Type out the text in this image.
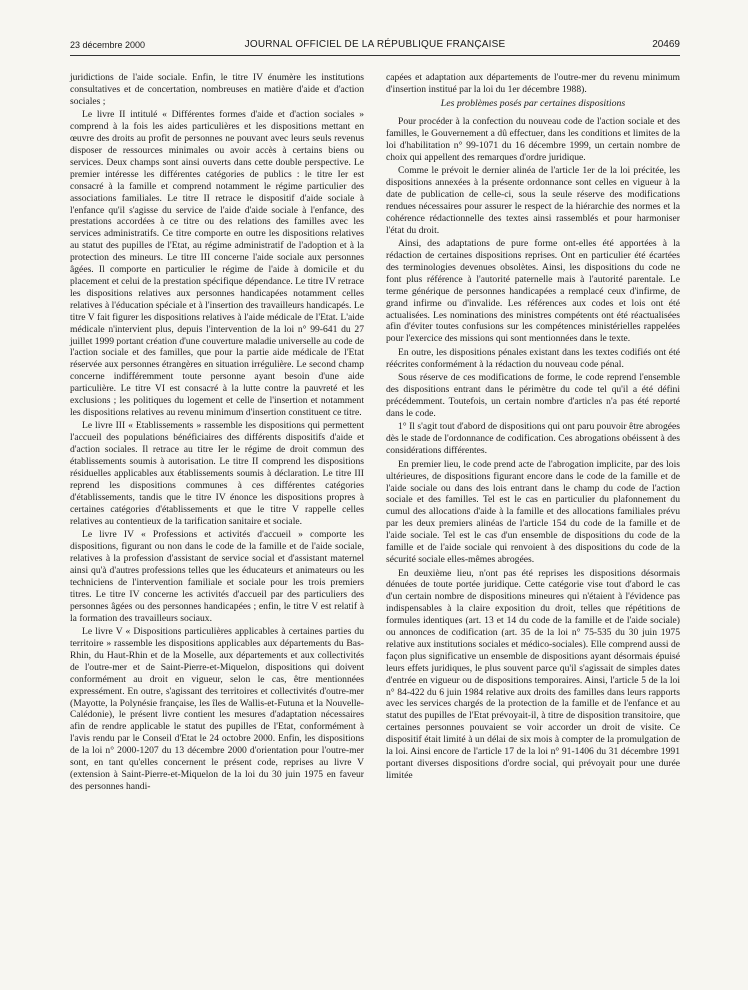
23 décembre 2000	JOURNAL OFFICIEL DE LA RÉPUBLIQUE FRANÇAISE	20469

juridictions de l'aide sociale. Enfin, le titre IV énumère les institutions consultatives et de concertation, nombreuses en matière d'aide et d'action sociales ;

Le livre II intitulé « Différentes formes d'aide et d'action sociales » comprend à la fois les aides particulières et les dispositions mettant en œuvre des droits au profit de personnes ne pouvant avec leurs seuls revenus disposer de ressources minimales ou avoir accès à certains biens ou services. Deux champs sont ainsi ouverts dans cette double perspective. Le premier intéresse les différentes catégories de publics : le titre Ier est consacré à la famille et comprend notamment le régime particulier des associations familiales. Le titre II retrace le dispositif d'aide sociale à l'enfance qu'il s'agisse du service de l'aide d'aide sociale à l'enfance, des prestations accordées à ce titre ou des relations des familles avec les services administratifs. Ce titre comporte en outre les dispositions relatives au statut des pupilles de l'Etat, au régime administratif de l'adoption et à la protection des mineurs. Le titre III concerne l'aide sociale aux personnes âgées. Il comporte en particulier le régime de l'aide à domicile et du placement et celui de la prestation spécifique dépendance. Le titre IV retrace les dispositions relatives aux personnes handicapées notamment celles relatives à l'éducation spéciale et à l'insertion des travailleurs handicapés. Le titre V fait figurer les dispositions relatives à l'aide médicale de l'Etat. L'aide médicale n'intervient plus, depuis l'intervention de la loi n° 99-641 du 27 juillet 1999 portant création d'une couverture maladie universelle au code de l'action sociale et des familles, que pour la partie aide médicale de l'Etat réservée aux personnes étrangères en situation irrégulière. Le second champ concerne indifféremment toute personne ayant besoin d'une aide particulière. Le titre VI est consacré à la lutte contre la pauvreté et les exclusions ; les politiques du logement et celle de l'insertion et notamment les dispositions relatives au revenu minimum d'insertion constituent ce titre.

Le livre III « Etablissements » rassemble les dispositions qui permettent l'accueil des populations bénéficiaires des différents dispositifs d'aide et d'action sociales. Il retrace au titre Ier le régime de droit commun des établissements soumis à autorisation. Le titre II comprend les dispositions résiduelles applicables aux établissements soumis à déclaration. Le titre III reprend les dispositions communes à ces différentes catégories d'établissements, tandis que le titre IV énonce les dispositions propres à certaines catégories d'établissements et que le titre V rappelle celles relatives au contentieux de la tarification sanitaire et sociale.

Le livre IV « Professions et activités d'accueil » comporte les dispositions, figurant ou non dans le code de la famille et de l'aide sociale, relatives à la profession d'assistant de service social et d'assistant maternel ainsi qu'à d'autres professions telles que les éducateurs et animateurs ou les techniciens de l'intervention familiale et sociale pour les trois premiers titres. Le titre IV concerne les activités d'accueil par des particuliers des personnes âgées ou des personnes handicapées ; enfin, le titre V est relatif à la formation des travailleurs sociaux.

Le livre V « Dispositions particulières applicables à certaines parties du territoire » rassemble les dispositions applicables aux départements du Bas-Rhin, du Haut-Rhin et de la Moselle, aux départements et aux collectivités de l'outre-mer et de Saint-Pierre-et-Miquelon, dispositions qui doivent conformément au droit en vigueur, selon le cas, être mentionnées expressément. En outre, s'agissant des territoires et collectivités d'outre-mer (Mayotte, la Polynésie française, les îles de Wallis-et-Futuna et la Nouvelle-Calédonie), le présent livre contient les mesures d'adaptation nécessaires afin de rendre applicable le statut des pupilles de l'Etat, conformément à l'avis rendu par le Conseil d'Etat le 24 octobre 2000. Enfin, les dispositions de la loi n° 2000-1207 du 13 décembre 2000 d'orientation pour l'outre-mer sont, en tant qu'elles concernent le présent code, reprises au livre V (extension à Saint-Pierre-et-Miquelon de la loi du 30 juin 1975 en faveur des personnes handi-

capées et adaptation aux départements de l'outre-mer du revenu minimum d'insertion institué par la loi du 1er décembre 1988).

Les problèmes posés par certaines dispositions

Pour procéder à la confection du nouveau code de l'action sociale et des familles, le Gouvernement a dû effectuer, dans les conditions et limites de la loi d'habilitation n° 99-1071 du 16 décembre 1999, un certain nombre de choix qui appellent des remarques d'ordre juridique.

Comme le prévoit le dernier alinéa de l'article 1er de la loi précitée, les dispositions annexées à la présente ordonnance sont celles en vigueur à la date de publication de celle-ci, sous la seule réserve des modifications rendues nécessaires pour assurer le respect de la hiérarchie des normes et la cohérence rédactionnelle des textes ainsi rassemblés et pour harmoniser l'état du droit.

Ainsi, des adaptations de pure forme ont-elles été apportées à la rédaction de certaines dispositions reprises. Ont en particulier été écartées des terminologies devenues obsolètes. Ainsi, les dispositions du code ne font plus référence à l'autorité paternelle mais à l'autorité parentale. Le terme générique de personnes handicapées a remplacé ceux d'infirme, de grand infirme ou d'invalide. Les références aux codes et lois ont été actualisées. Les nominations des ministres compétents ont été réactualisées afin d'éviter toutes confusions sur les compétences ministérielles rappelées pour l'exercice des missions qui sont mentionnées dans le texte.

En outre, les dispositions pénales existant dans les textes codifiés ont été réécrites conformément à la rédaction du nouveau code pénal.

Sous réserve de ces modifications de forme, le code reprend l'ensemble des dispositions entrant dans le périmètre du code tel qu'il a été défini précédemment. Toutefois, un certain nombre d'articles n'a pas été reporté dans le code.

1° Il s'agit tout d'abord de dispositions qui ont paru pouvoir être abrogées dès le stade de l'ordonnance de codification. Ces abrogations obéissent à des considérations différentes.

En premier lieu, le code prend acte de l'abrogation implicite, par des lois ultérieures, de dispositions figurant encore dans le code de la famille et de l'aide sociale ou dans des lois entrant dans le champ du code de l'action sociale et des familles. Tel est le cas en particulier du plafonnement du cumul des allocations d'aide à la famille et des allocations familiales prévu par les deux premiers alinéas de l'article 154 du code de la famille et de l'aide sociale. Tel est le cas d'un ensemble de dispositions du code de la famille et de l'aide sociale qui renvoient à des dispositions du code de la sécurité sociale elles-mêmes abrogées.

En deuxième lieu, n'ont pas été reprises les dispositions désormais dénuées de toute portée juridique. Cette catégorie vise tout d'abord le cas d'un certain nombre de dispositions mineures qui n'étaient à l'évidence pas indispensables à la claire exposition du droit, telles que répétitions de formules identiques (art. 13 et 14 du code de la famille et de l'aide sociale) ou annonces de codification (art. 35 de la loi n° 75-535 du 30 juin 1975 relative aux institutions sociales et médico-sociales). Elle comprend aussi de façon plus significative un ensemble de dispositions ayant désormais épuisé leurs effets juridiques, le plus souvent parce qu'il s'agissait de simples dates d'entrée en vigueur ou de dispositions temporaires. Ainsi, l'article 5 de la loi n° 84-422 du 6 juin 1984 relative aux droits des familles dans leurs rapports avec les services chargés de la protection de la famille et de l'enfance et au statut des pupilles de l'Etat prévoyait-il, à titre de disposition transitoire, que certaines personnes pouvaient se voir accorder un droit de visite. Ce dispositif était limité à un délai de six mois à compter de la promulgation de la loi. Ainsi encore de l'article 17 de la loi n° 91-1406 du 31 décembre 1991 portant diverses dispositions d'ordre social, qui prévoyait pour une durée limitée
